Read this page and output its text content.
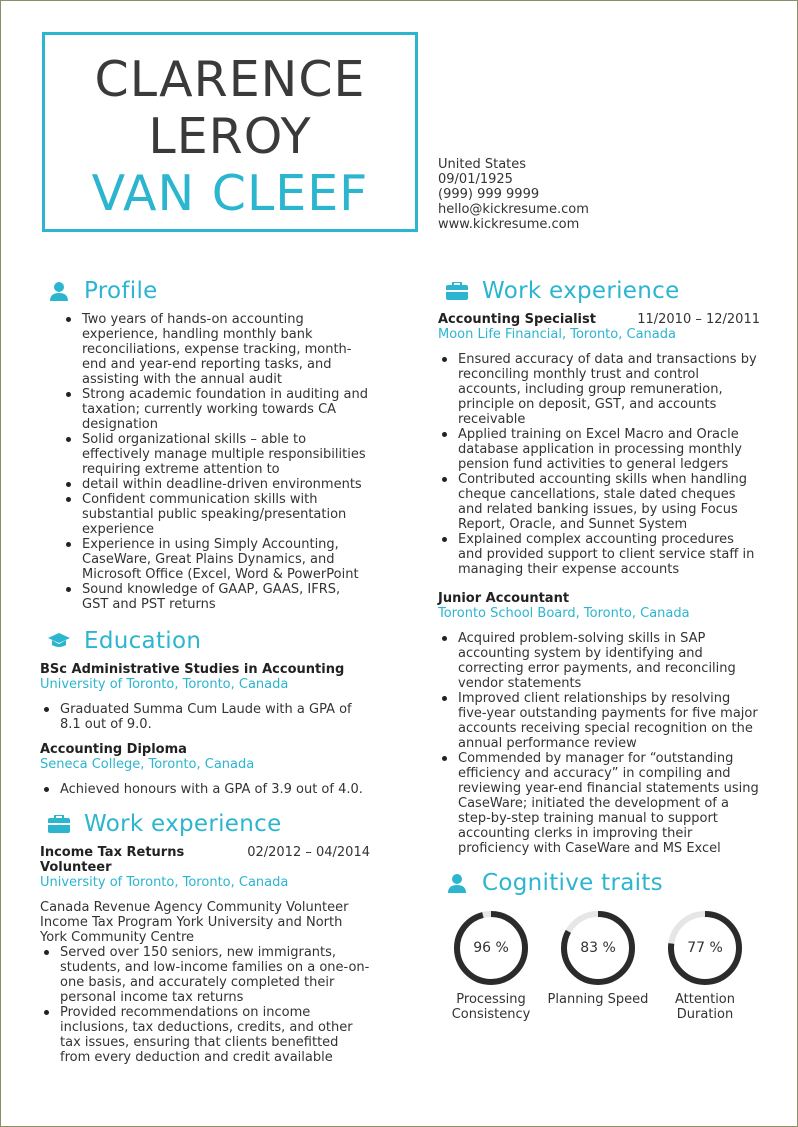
CLARENCE
LEROY
VAN CLEEF
United States
09/01/1925
(999) 999 9999
hello@kickresume.com
www.kickresume.com
Profile
Two years of hands-on accounting experience, handling monthly bank reconciliations, expense tracking, month-end and year-end reporting tasks, and assisting with the annual audit
Strong academic foundation in auditing and taxation; currently working towards CA designation
Solid organizational skills – able to effectively manage multiple responsibilities requiring extreme attention to
detail within deadline-driven environments
Confident communication skills with substantial public speaking/presentation experience
Experience in using Simply Accounting, CaseWare, Great Plains Dynamics, and Microsoft Office (Excel, Word & PowerPoint
Sound knowledge of GAAP, GAAS, IFRS, GST and PST returns
Education
BSc Administrative Studies in Accounting
University of Toronto, Toronto, Canada
Graduated Summa Cum Laude with a GPA of 8.1 out of 9.0.
Accounting Diploma
Seneca College, Toronto, Canada
Achieved honours with a GPA of 3.9 out of 4.0.
Work experience
Income Tax Returns Volunteer
02/2012 – 04/2014
University of Toronto, Toronto, Canada
Canada Revenue Agency Community Volunteer Income Tax Program York University and North York Community Centre
Served over 150 seniors, new immigrants, students, and low-income families on a one-on-one basis, and accurately completed their personal income tax returns
Provided recommendations on income inclusions, tax deductions, credits, and other tax issues, ensuring that clients benefitted from every deduction and credit available
Work experience
Accounting Specialist	11/2010 – 12/2011
Moon Life Financial, Toronto, Canada
Ensured accuracy of data and transactions by reconciling monthly trust and control accounts, including group remuneration, principle on deposit, GST, and accounts receivable
Applied training on Excel Macro and Oracle database application in processing monthly pension fund activities to general ledgers
Contributed accounting skills when handling cheque cancellations, stale dated cheques and related banking issues, by using Focus Report, Oracle, and Sunnet System
Explained complex accounting procedures and provided support to client service staff in managing their expense accounts
Junior Accountant
Toronto School Board, Toronto, Canada
Acquired problem-solving skills in SAP accounting system by identifying and correcting error payments, and reconciling vendor statements
Improved client relationships by resolving five-year outstanding payments for five major accounts receiving special recognition on the annual performance review
Commended by manager for “outstanding efficiency and accuracy” in compiling and reviewing year-end financial statements using CaseWare; initiated the development of a step-by-step training manual to support accounting clerks in improving their proficiency with CaseWare and MS Excel
Cognitive traits
96 %
Processing Consistency
83 %
Planning Speed
77 %
Attention Duration
